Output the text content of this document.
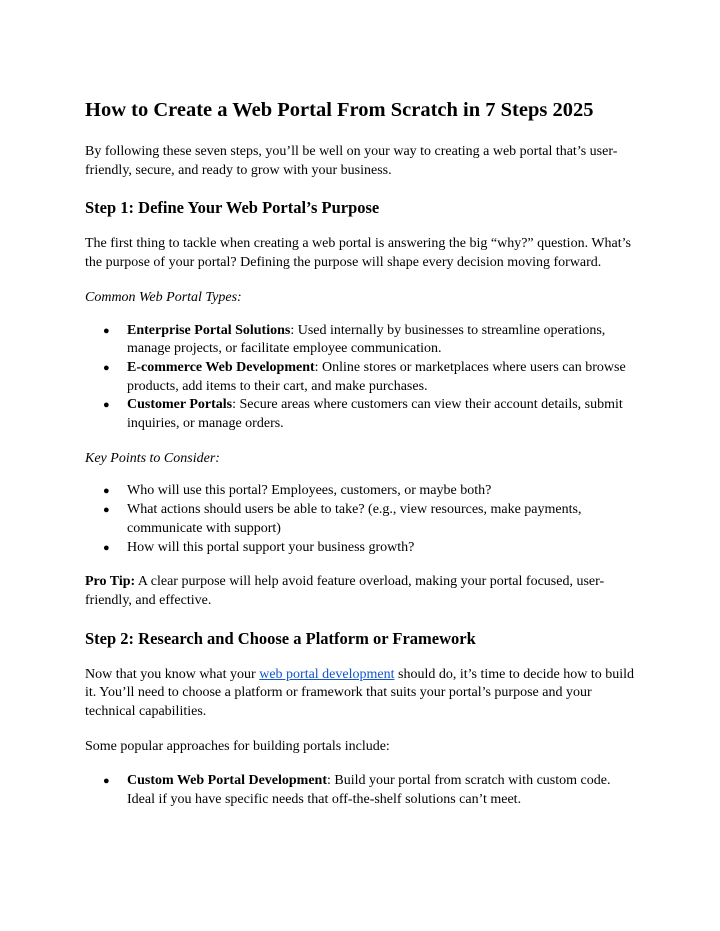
How to Create a Web Portal From Scratch in 7 Steps 2025

By following these seven steps, you’ll be well on your way to creating a web portal that’s user-friendly, secure, and ready to grow with your business.

Step 1: Define Your Web Portal’s Purpose

The first thing to tackle when creating a web portal is answering the big “why?” question. What’s the purpose of your portal? Defining the purpose will shape every decision moving forward.

Common Web Portal Types:

● Enterprise Portal Solutions: Used internally by businesses to streamline operations, manage projects, or facilitate employee communication.
● E-commerce Web Development: Online stores or marketplaces where users can browse products, add items to their cart, and make purchases.
● Customer Portals: Secure areas where customers can view their account details, submit inquiries, or manage orders.

Key Points to Consider:

● Who will use this portal? Employees, customers, or maybe both?
● What actions should users be able to take? (e.g., view resources, make payments, communicate with support)
● How will this portal support your business growth?

Pro Tip: A clear purpose will help avoid feature overload, making your portal focused, user-friendly, and effective.

Step 2: Research and Choose a Platform or Framework

Now that you know what your web portal development should do, it’s time to decide how to build it. You’ll need to choose a platform or framework that suits your portal’s purpose and your technical capabilities.

Some popular approaches for building portals include:

● Custom Web Portal Development: Build your portal from scratch with custom code. Ideal if you have specific needs that off-the-shelf solutions can’t meet.
